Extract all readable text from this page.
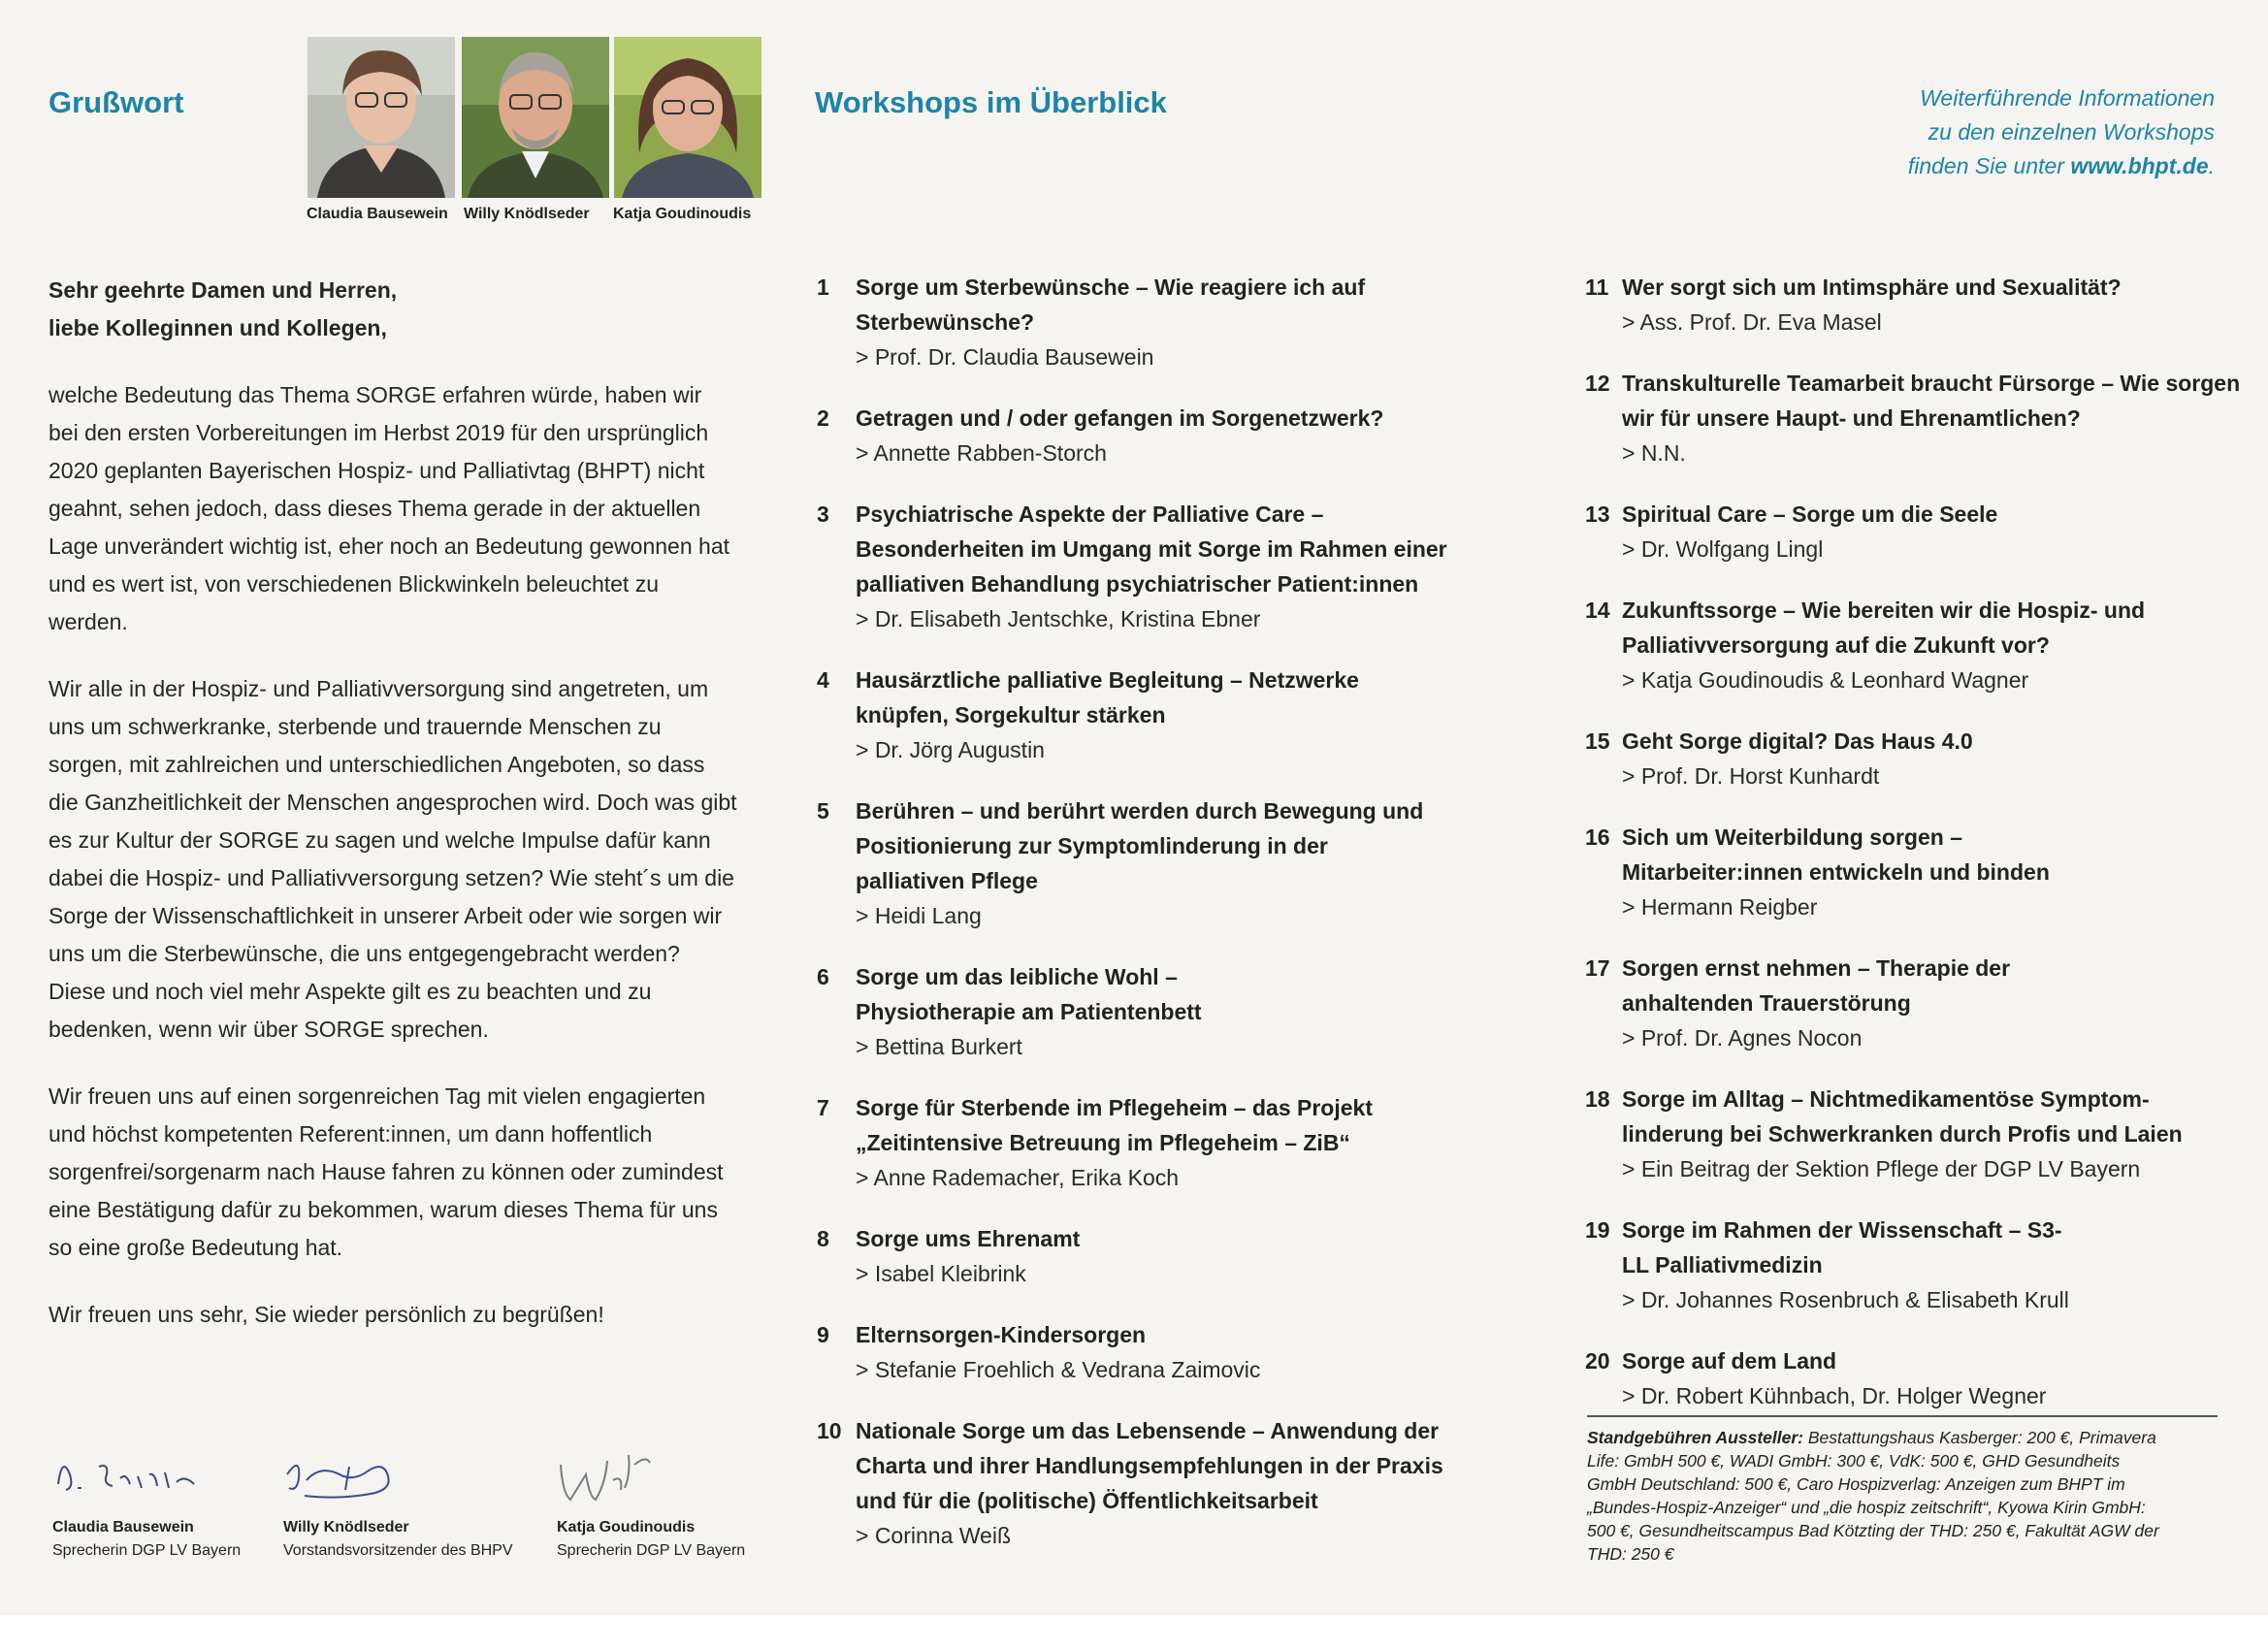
Grußwort
Claudia Bausewein Willy Knödlseder Katja Goudinoudis
Workshops im Überblick	Weiterführende Informationen
zu den einzelnen Workshops
finden Sie unter www.bhpt.de.

Sehr geehrte Damen und Herren,
liebe Kolleginnen und Kollegen,

welche Bedeutung das Thema SORGE erfahren würde, haben wir bei den ersten Vorbereitungen im Herbst 2019 für den ursprünglich 2020 geplanten Bayerischen Hospiz- und Palliativtag (BHPT) nicht geahnt, sehen jedoch, dass dieses Thema gerade in der aktuellen Lage unverändert wichtig ist, eher noch an Bedeutung gewonnen hat und es wert ist, von verschiedenen Blickwinkeln beleuchtet zu werden.

Wir alle in der Hospiz- und Palliativversorgung sind angetreten, um uns um schwerkranke, sterbende und trauernde Menschen zu sorgen, mit zahlreichen und unterschiedlichen Angeboten, so dass die Ganzheitlichkeit der Menschen angesprochen wird. Doch was gibt es zur Kultur der SORGE zu sagen und welche Impulse dafür kann dabei die Hospiz- und Palliativversorgung setzen? Wie steht´s um die Sorge der Wissenschaftlichkeit in unserer Arbeit oder wie sorgen wir uns um die Sterbewünsche, die uns entgegengebracht werden? Diese und noch viel mehr Aspekte gilt es zu beachten und zu bedenken, wenn wir über SORGE sprechen.

Wir freuen uns auf einen sorgenreichen Tag mit vielen engagierten und höchst kompetenten Referent:innen, um dann hoffentlich sorgenfrei/sorgenarm nach Hause fahren zu können oder zumindest eine Bestätigung dafür zu bekommen, warum dieses Thema für uns so eine große Bedeutung hat.

Wir freuen uns sehr, Sie wieder persönlich zu begrüßen!

Claudia Bausewein
Sprecherin DGP LV Bayern
Willy Knödlseder
Vorstandsvorsitzender des BHPV
Katja Goudinoudis
Sprecherin DGP LV Bayern
1	Sorge um Sterbewünsche – Wie reagiere ich auf Sterbewünsche?
> Prof. Dr. Claudia Bausewein
2	Getragen und / oder gefangen im Sorgenetzwerk?
> Annette Rabben-Storch
3	Psychiatrische Aspekte der Palliative Care – Besonderheiten im Umgang mit Sorge im Rahmen einer palliativen Behandlung psychiatrischer Patient:innen
> Dr. Elisabeth Jentschke, Kristina Ebner
4	Hausärztliche palliative Begleitung – Netzwerke knüpfen, Sorgekultur stärken
> Dr. Jörg Augustin
5	Berühren – und berührt werden durch Bewegung und Positionierung zur Symptomlinderung in der palliativen Pflege
> Heidi Lang
6	Sorge um das leibliche Wohl – Physiotherapie am Patientenbett
> Bettina Burkert
7	Sorge für Sterbende im Pflegeheim – das Projekt „Zeitintensive Betreuung im Pflegeheim – ZiB“
> Anne Rademacher, Erika Koch
8	Sorge ums Ehrenamt
> Isabel Kleibrink
9	Elternsorgen-Kindersorgen
> Stefanie Froehlich & Vedrana Zaimovic
10 Nationale Sorge um das Lebensende – Anwendung der Charta und ihrer Handlungsempfehlungen in der Praxis und für die (politische) Öffentlichkeitsarbeit
> Corinna Weiß
11 Wer sorgt sich um Intimsphäre und Sexualität?
> Ass. Prof. Dr. Eva Masel
12 Transkulturelle Teamarbeit braucht Fürsorge – Wie sorgen wir für unsere Haupt- und Ehrenamtlichen?
> N.N.
13 Spiritual Care – Sorge um die Seele
> Dr. Wolfgang Lingl
14 Zukunftssorge – Wie bereiten wir die Hospiz- und Palliativversorgung auf die Zukunft vor?
> Katja Goudinoudis & Leonhard Wagner
15 Geht Sorge digital? Das Haus 4.0
> Prof. Dr. Horst Kunhardt
16 Sich um Weiterbildung sorgen – Mitarbeiter:innen entwickeln und binden
> Hermann Reigber
17 Sorgen ernst nehmen – Therapie der anhaltenden Trauerstörung
> Prof. Dr. Agnes Nocon
18 Sorge im Alltag – Nichtmedikamentöse Symptomlinderung bei Schwerkranken durch Profis und Laien
> Ein Beitrag der Sektion Pflege der DGP LV Bayern
19 Sorge im Rahmen der Wissenschaft – S3-LL Palliativmedizin
> Dr. Johannes Rosenbruch & Elisabeth Krull
20 Sorge auf dem Land
> Dr. Robert Kühnbach, Dr. Holger Wegner
Standgebühren Aussteller: Bestattungshaus Kasberger: 200 €, Primavera Life: GmbH 500 €, WADI GmbH: 300 €, VdK: 500 €, GHD Gesundheits GmbH Deutschland: 500 €, Caro Hospizverlag: Anzeigen zum BHPT im „Bundes-Hospiz-Anzeiger“ und „die hospiz zeitschrift“, Kyowa Kirin GmbH: 500 €, Gesundheitscampus Bad Kötzting der THD: 250 €, Fakultät AGW der THD: 250 €
